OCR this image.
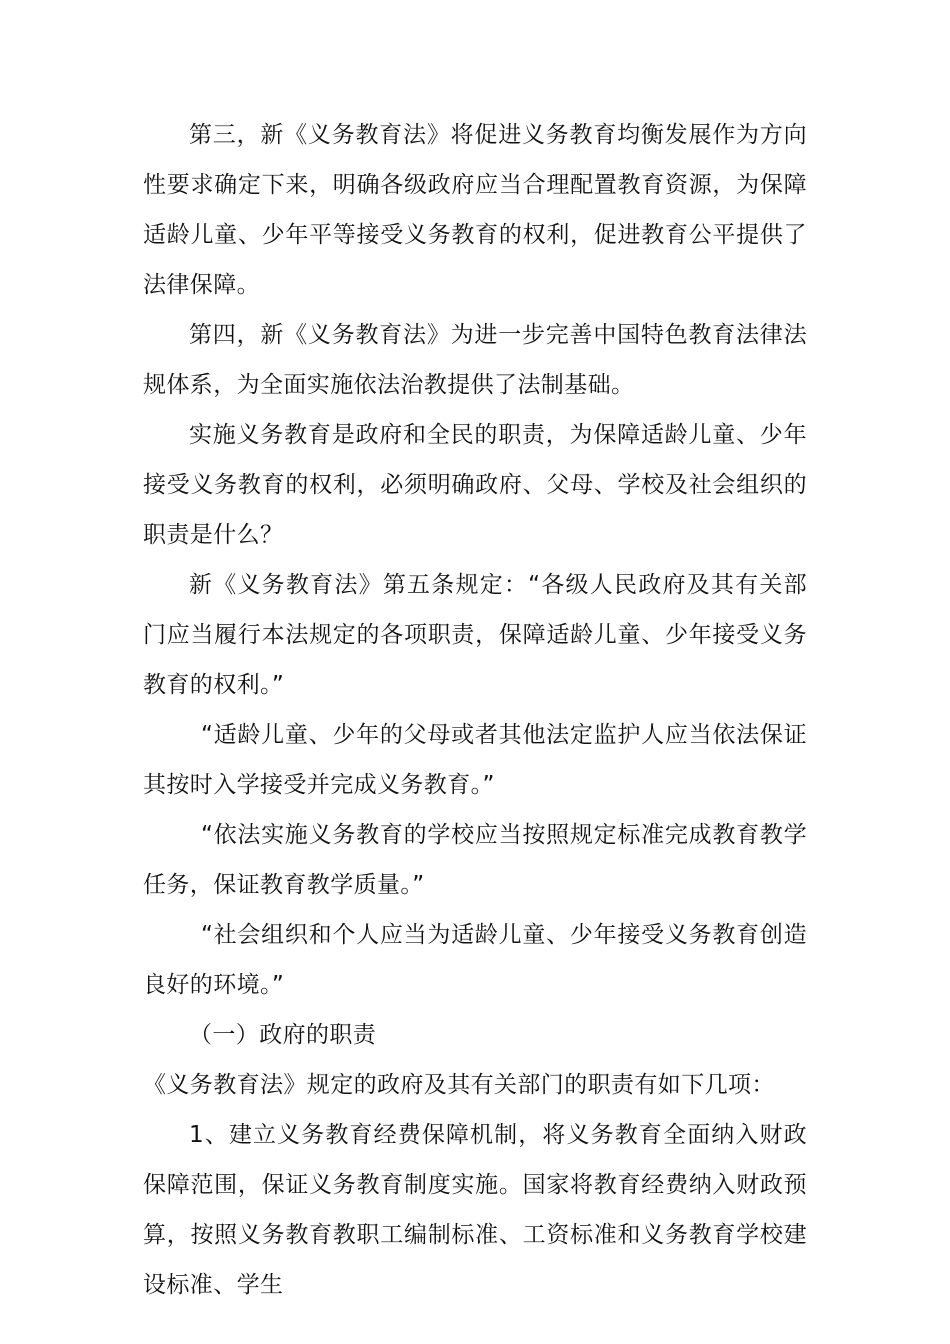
第三，新《义务教育法》将促进义务教育均衡发展作为方向性要求确定下来，明确各级政府应当合理配置教育资源，为保障适龄儿童、少年平等接受义务教育的权利，促进教育公平提供了法律保障。

第四，新《义务教育法》为进一步完善中国特色教育法律法规体系，为全面实施依法治教提供了法制基础。

实施义务教育是政府和全民的职责，为保障适龄儿童、少年接受义务教育的权利，必须明确政府、父母、学校及社会组织的职责是什么？

新《义务教育法》第五条规定：“各级人民政府及其有关部门应当履行本法规定的各项职责，保障适龄儿童、少年接受义务教育的权利。”

“适龄儿童、少年的父母或者其他法定监护人应当依法保证其按时入学接受并完成义务教育。”

“依法实施义务教育的学校应当按照规定标准完成教育教学任务，保证教育教学质量。”

“社会组织和个人应当为适龄儿童、少年接受义务教育创造良好的环境。”

（一）政府的职责

《义务教育法》规定的政府及其有关部门的职责有如下几项：

1、建立义务教育经费保障机制，将义务教育全面纳入财政保障范围，保证义务教育制度实施。国家将教育经费纳入财政预算，按照义务教育教职工编制标准、工资标准和义务教育学校建设标准、学生
